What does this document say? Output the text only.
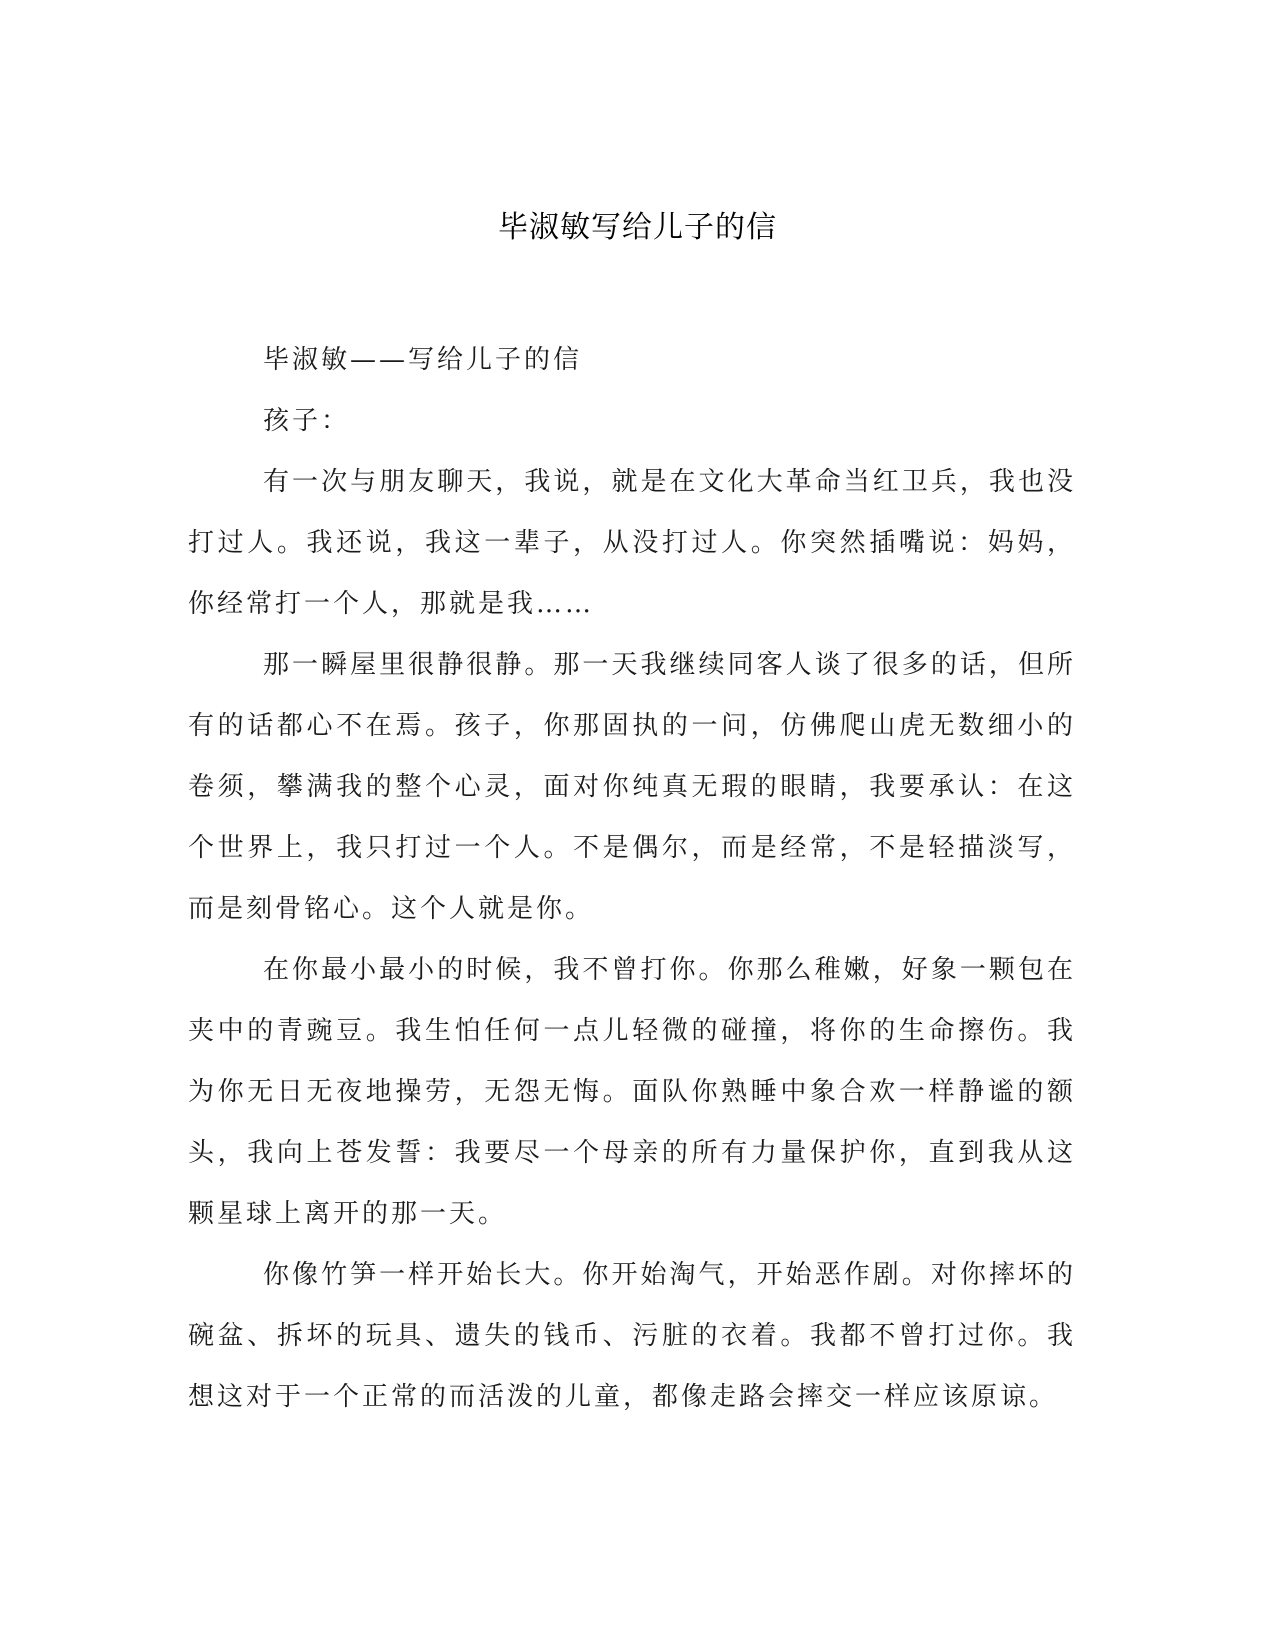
毕淑敏写给儿子的信

毕淑敏——写给儿子的信

孩子：

有一次与朋友聊天，我说，就是在文化大革命当红卫兵，我也没打过人。我还说，我这一辈子，从没打过人。你突然插嘴说：妈妈，你经常打一个人，那就是我……

那一瞬屋里很静很静。那一天我继续同客人谈了很多的话，但所有的话都心不在焉。孩子，你那固执的一问，仿佛爬山虎无数细小的卷须，攀满我的整个心灵，面对你纯真无瑕的眼睛，我要承认：在这个世界上，我只打过一个人。不是偶尔，而是经常，不是轻描淡写，而是刻骨铭心。这个人就是你。

在你最小最小的时候，我不曾打你。你那么稚嫩，好象一颗包在夹中的青豌豆。我生怕任何一点儿轻微的碰撞，将你的生命擦伤。我为你无日无夜地操劳，无怨无悔。面队你熟睡中象合欢一样静谧的额头，我向上苍发誓：我要尽一个母亲的所有力量保护你，直到我从这颗星球上离开的那一天。

你像竹笋一样开始长大。你开始淘气，开始恶作剧。对你摔坏的碗盆、拆坏的玩具、遗失的钱币、污脏的衣着。我都不曾打过你。我想这对于一个正常的而活泼的儿童，都像走路会摔交一样应该原谅。
